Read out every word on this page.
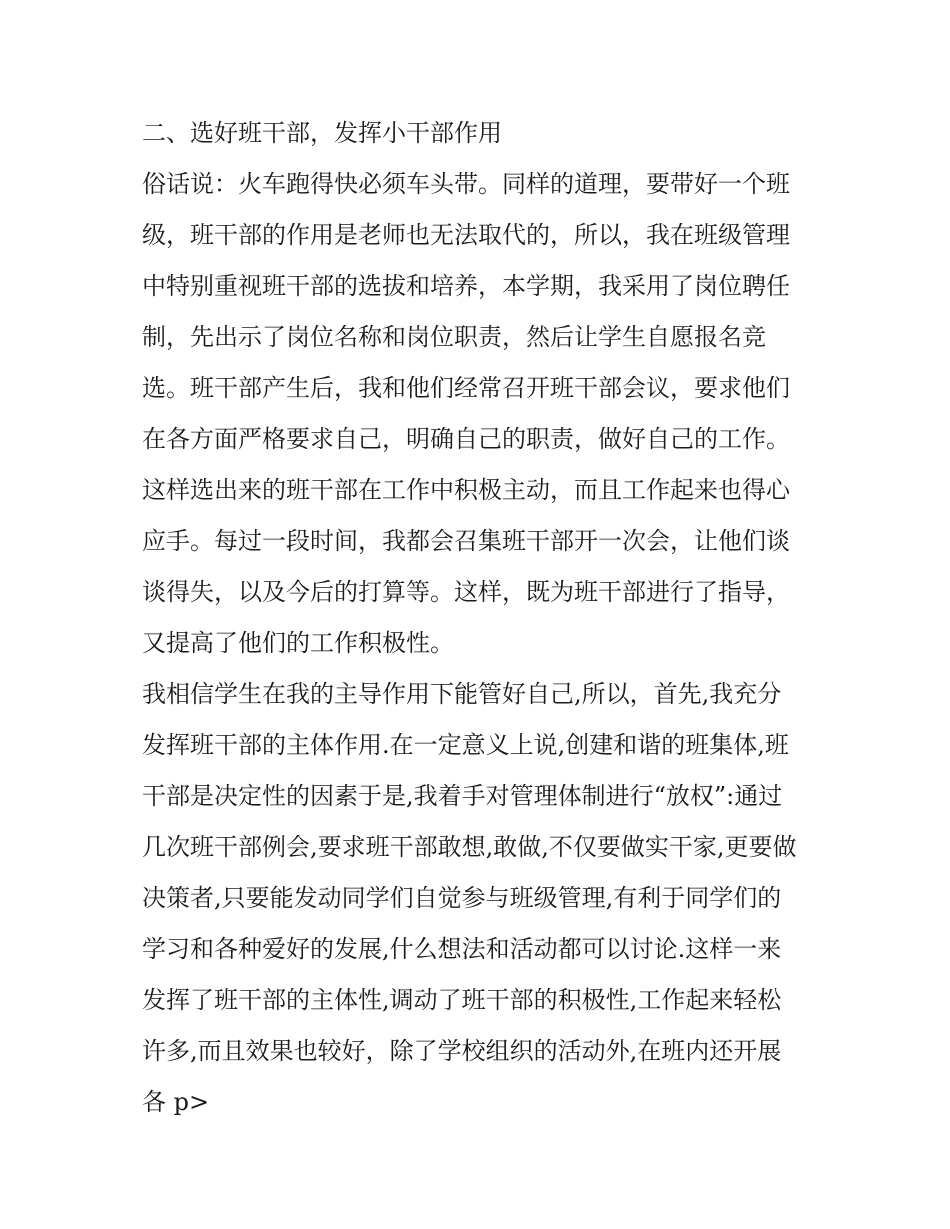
二、选好班干部，发挥小干部作用
俗话说：火车跑得快必须车头带。同样的道理，要带好一个班
级，班干部的作用是老师也无法取代的，所以，我在班级管理
中特别重视班干部的选拔和培养，本学期，我采用了岗位聘任
制，先出示了岗位名称和岗位职责，然后让学生自愿报名竞
选。班干部产生后，我和他们经常召开班干部会议，要求他们
在各方面严格要求自己，明确自己的职责，做好自己的工作。
这样选出来的班干部在工作中积极主动，而且工作起来也得心
应手。每过一段时间，我都会召集班干部开一次会，让他们谈
谈得失，以及今后的打算等。这样，既为班干部进行了指导，
又提高了他们的工作积极性。
我相信学生在我的主导作用下能管好自己,所以，首先,我充分
发挥班干部的主体作用.在一定意义上说,创建和谐的班集体,班
干部是决定性的因素于是,我着手对管理体制进行“放权”:通过
几次班干部例会,要求班干部敢想,敢做,不仅要做实干家,更要做
决策者,只要能发动同学们自觉参与班级管理,有利于同学们的
学习和各种爱好的发展,什么想法和活动都可以讨论.这样一来
发挥了班干部的主体性,调动了班干部的积极性,工作起来轻松
许多,而且效果也较好，除了学校组织的活动外,在班内还开展
各 p>
